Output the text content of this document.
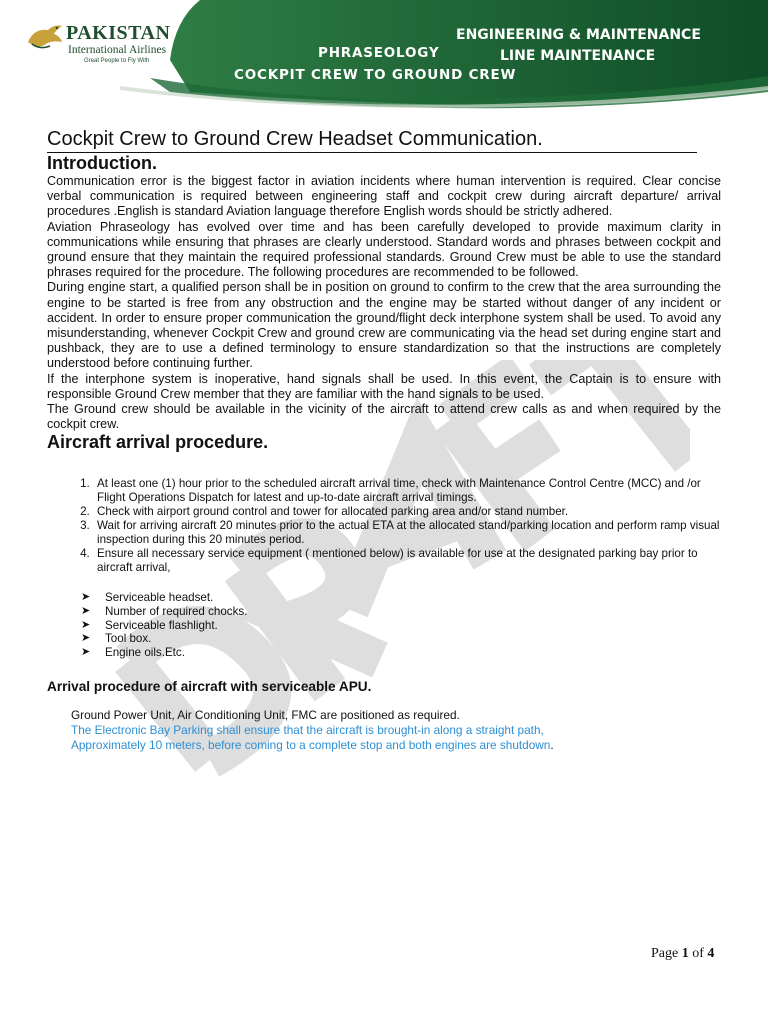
PAKISTAN
International Airlines
Great People to Fly With
ENGINEERING & MAINTENANCE
LINE MAINTENANCE
PHRASEOLOGY
COCKPIT CREW TO GROUND CREW
Cockpit Crew to Ground Crew Headset Communication.
Introduction.

Communication error is the biggest factor in aviation incidents where human intervention is required. Clear concise verbal communication is required between engineering staff and cockpit crew during aircraft departure/ arrival procedures .English is standard Aviation language therefore English words should be strictly adhered.

Aviation Phraseology has evolved over time and has been carefully developed to provide maximum clarity in communications while ensuring that phrases are clearly understood. Standard words and phrases between cockpit and ground ensure that they maintain the required professional standards. Ground Crew must be able to use the standard phrases required for the procedure. The following procedures are recommended to be followed.

During engine start, a qualified person shall be in position on ground to confirm to the crew that the area surrounding the engine to be started is free from any obstruction and the engine may be started without danger of any incident or accident. In order to ensure proper communication the ground/flight deck interphone system shall be used. To avoid any misunderstanding, whenever Cockpit Crew and ground crew are communicating via the head set during engine start and pushback, they are to use a defined terminology to ensure standardization so that the instructions are completely understood before continuing further.

If the interphone system is inoperative, hand signals shall be used. In this event, the Captain is to ensure with responsible Ground Crew member that they are familiar with the hand signals to be used.

The Ground crew should be available in the vicinity of the aircraft to attend crew calls as and when required by the cockpit crew.

Aircraft arrival procedure.
1. At least one (1) hour prior to the scheduled aircraft arrival time, check with Maintenance Control Centre (MCC) and /or Flight Operations Dispatch for latest and up-to-date aircraft arrival timings.
2. Check with airport ground control and tower for allocated parking area and/or stand number.
3. Wait for arriving aircraft 20 minutes prior to the actual ETA at the allocated stand/parking location and perform ramp visual inspection during this 20 minutes period.
4. Ensure all necessary service equipment ( mentioned below) is available for use at the designated parking bay prior to aircraft arrival,
➤ Serviceable headset.
➤ Number of required chocks.
➤ Serviceable flashlight.
➤ Tool box.
➤ Engine oils.Etc.
Arrival procedure of aircraft with serviceable APU.
Ground Power Unit, Air Conditioning Unit, FMC are positioned as required.
The Electronic Bay Parking shall ensure that the aircraft is brought-in along a straight path,
Approximately 10 meters, before coming to a complete stop and both engines are shutdown.
Page 1 of 4
